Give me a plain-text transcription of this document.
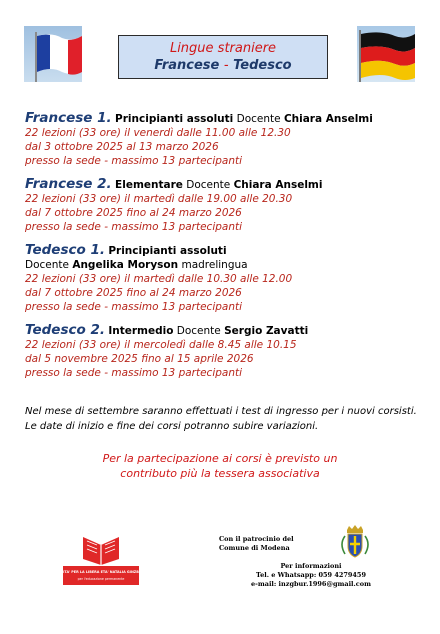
Lingue straniere
Francese - Tedesco
Francese 1. Principianti assoluti Docente Chiara Anselmi
22 lezioni (33 ore) il venerdì dalle 11.00 alle 12.30
dal 3 ottobre 2025 al 13 marzo 2026
presso la sede - massimo 13 partecipanti
Francese 2. Elementare Docente Chiara Anselmi
22 lezioni (33 ore) il martedì dalle 19.00 alle 20.30
dal 7 ottobre 2025 fino al 24 marzo 2026
presso la sede - massimo 13 partecipanti
Tedesco 1. Principianti assoluti
Docente Angelika Moryson madrelingua
22 lezioni (33 ore) il martedì dalle 10.30 alle 12.00
dal 7 ottobre 2025 fino al 24 marzo 2026
presso la sede - massimo 13 partecipanti
Tedesco 2. Intermedio Docente Sergio Zavatti
22 lezioni (33 ore) il mercoledì dalle 8.45 alle 10.15
dal 5 novembre 2025 fino al 15 aprile 2026
presso la sede - massimo 13 partecipanti
Nel mese di settembre saranno effettuati i test di ingresso per i nuovi corsisti. Le date di inizio e fine dei corsi potranno subire variazioni.
Per la partecipazione ai corsi è previsto un
contributo più la tessera associativa
UNIVERSITA' PER LA LIBERA ETA' NATALIA GINZBURG APS
per l'educazione permanente
Con il patrocinio del
Comune di Modena
Per informazioni
Tel. e Whatsapp: 059 4279459
e-mail: inzgbur.1996@gmail.com
